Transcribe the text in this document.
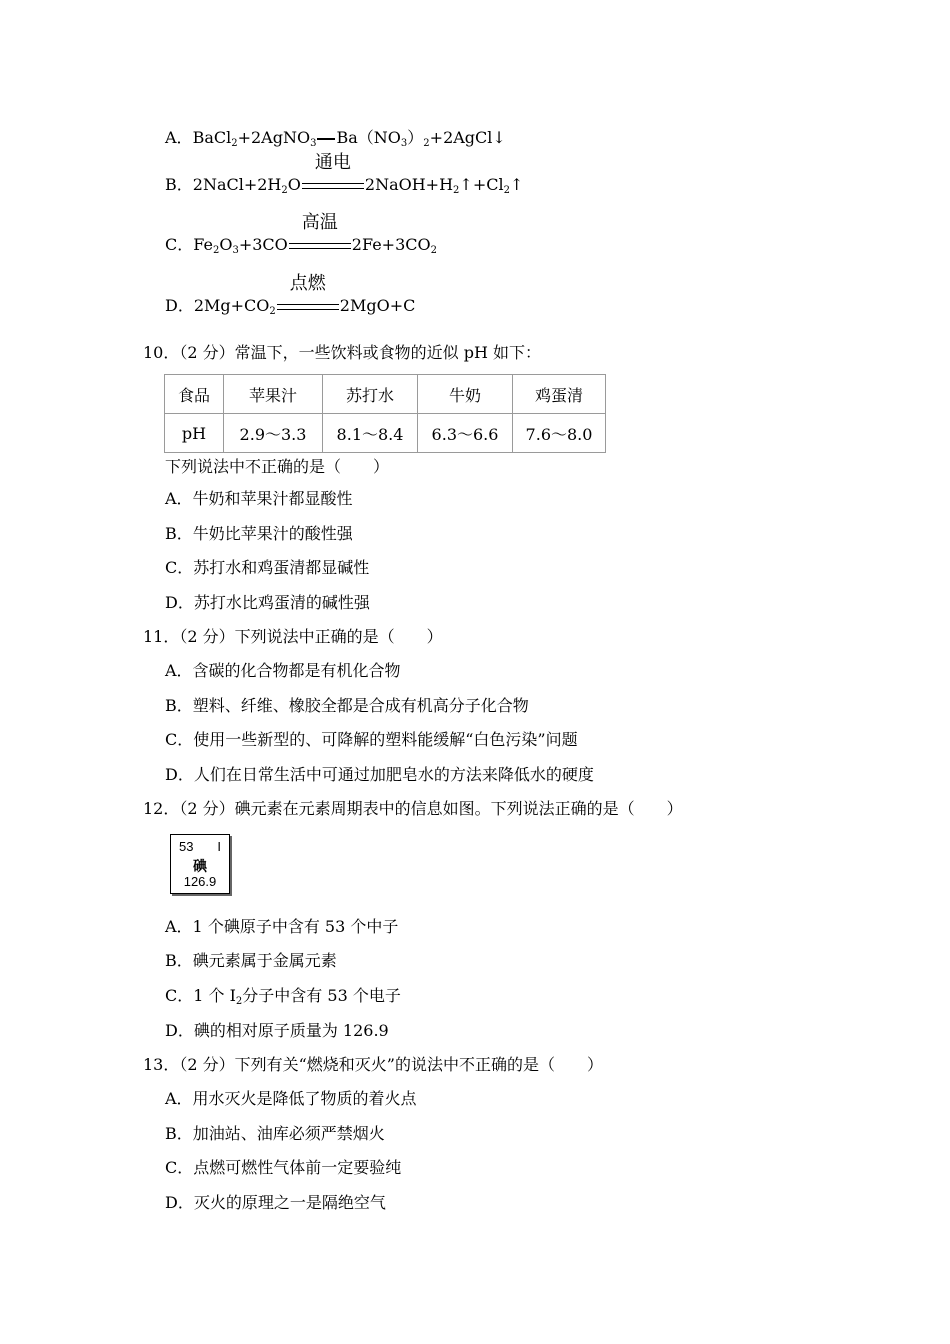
A．BaCl$_2$+2AgNO$_3$ $Ba(NO_3)_2+2AgCl↓$
B．$2NaCl+2H_2O$
通电
$2NaOH+H_2↑+Cl_2↑$
C．$Fe_2O_3+3CO$
高温
$2Fe+3CO_2$
D．$2Mg+CO_2$
点燃
2MgO+C
10．（2 分）常温下，一些饮料或食物的近似 pH 如下：
食品	苹果汁	苏打水	牛奶	鸡蛋清
pH	2.9～3.3	8.1～8.4	6.3～6.6	7.6～8.0
下列说法中不正确的是（　　）
A．牛奶和苹果汁都显酸性
B．牛奶比苹果汁的酸性强
C．苏打水和鸡蛋清都显碱性
D．苏打水比鸡蛋清的碱性强
11．（2 分）下列说法中正确的是（　　）
A．含碳的化合物都是有机化合物
B．塑料、纤维、橡胶全都是合成有机高分子化合物
C．使用一些新型的、可降解的塑料能缓解“白色污染”问题
D．人们在日常生活中可通过加肥皂水的方法来降低水的硬度
12．（2 分）碘元素在元素周期表中的信息如图。下列说法正确的是（　　）
53 I
碘
126.9
A．1 个碘原子中含有 53 个中子
B．碘元素属于金属元素
C．1 个 $I_2$分子中含有 53 个电子
D．碘的相对原子质量为 126.9
13．（2 分）下列有关“燃烧和灭火”的说法中不正确的是（　　）
A．用水灭火是降低了物质的着火点
B．加油站、油库必须严禁烟火
C．点燃可燃性气体前一定要验纯
D．灭火的原理之一是隔绝空气
